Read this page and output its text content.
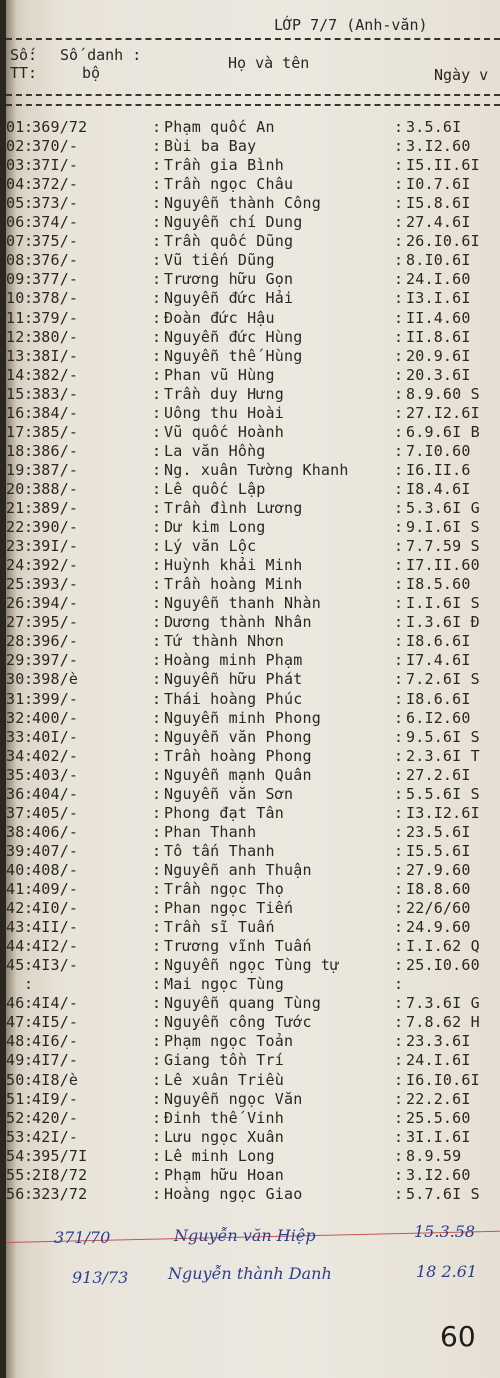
LỚP 7/7 (Anh-văn)
Số:
TT:
Số danh :
bộ
Họ và tên
Ngày v
01 369/72	Phạm quốc An	3.5.6I
:	:	:
02 370/-	Bùi ba Bay	3.I2.60
:	:	:
03 37I/-	Trần gia Bình	I5.II.6I
:	:	:
04 372/-	Trần ngọc Châu	I0.7.6I
:	:	:
05 373/-	Nguyễn thành Công	I5.8.6I
:	:	:
06 374/-	Nguyễn chí Dung	27.4.6I
:	:	:
07 375/-	Trần quốc Dũng	26.I0.6I
:	:	:
08 376/-	Vũ tiến Dũng	8.I0.6I
:	:	:
09 377/-	Trương hữu Gọn	24.I.60
:	:	:
10 378/-	Nguyễn đức Hải	I3.I.6I
:	:	:
11 379/-	Đoàn đức Hậu	II.4.60
:	:	:
12 380/-	Nguyễn đức Hùng	II.8.6I
:	:	:
13 38I/-	Nguyễn thế Hùng	20.9.6I
:	:	:
14 382/-	Phan vũ Hùng	20.3.6I
:	:	:
15 383/-	Trần duy Hưng	8.9.60 S
:	:	:
16 384/-	Uông thu Hoài	27.I2.6I
:	:	:
17 385/-	Vũ quốc Hoành	6.9.6I B
:	:	:
18 386/-	La văn Hồng	7.I0.60
:	:	:
19 387/-	Ng. xuân Tường Khanh	I6.II.6
:	:	:
20 388/-	Lê quốc Lập	I8.4.6I
:	:	:
21 389/-	Trần đình Lương	5.3.6I G
:	:	:
22 390/-	Dư kim Long	9.I.6I S
:	:	:
23 39I/-	Lý văn Lộc	7.7.59 S
:	:	:
24 392/-	Huỳnh khải Minh	I7.II.60
:	:	:
25 393/-	Trần hoàng Minh	I8.5.60
:	:	:
26 394/-	Nguyễn thanh Nhàn	I.I.6I S
:	:	:
27 395/-	Dương thành Nhân	I.3.6I Đ
:	:	:
28 396/-	Tứ thành Nhơn	I8.6.6I
:	:	:
29 397/-	Hoàng minh Phạm	I7.4.6I
:	:	:
30 398/è	Nguyễn hữu Phát	7.2.6I S
:	:	:
31 399/-	Thái hoàng Phúc	I8.6.6I
:	:	:
32 400/-	Nguyễn minh Phong	6.I2.60
:	:	:
33 40I/-	Nguyễn văn Phong	9.5.6I S
:	:	:
34 402/-	Trần hoàng Phong	2.3.6I T
:	:	:
35 403/-	Nguyễn mạnh Quân	27.2.6I
:	:	:
36 404/-	Nguyễn văn Sơn	5.5.6I S
:	:	:
37 405/-	Phong đạt Tân	I3.I2.6I
:	:	:
38 406/-	Phan Thanh	23.5.6I
:	:	:
39 407/-	Tô tấn Thanh	I5.5.6I
:	:	:
40 408/-	Nguyễn anh Thuận	27.9.60
:	:	:
41 409/-	Trần ngọc Thọ	I8.8.60
:	:	:
42 4I0/-	Phan ngọc Tiến	22/6/60
:	:	:
43 4II/-	Trần sĩ Tuấn	24.9.60
:	:	:
44 4I2/-	Trương vĩnh Tuấn	I.I.62 Q
:	:	:
45 4I3/-	Nguyễn ngọc Tùng tự	25.I0.60
:	:	:
Mai ngọc Tùng
:	:	:
46 4I4/-	Nguyễn quang Tùng	7.3.6I G
:	:	:
47 4I5/-	Nguyễn công Tước	7.8.62 H
:	:	:
48 4I6/-	Phạm ngọc Toản	23.3.6I
:	:	:
49 4I7/-	Giang tồn Trí	24.I.6I
:	:	:
50 4I8/è	Lê xuân Triều	I6.I0.6I
:	:	:
51 4I9/-	Nguyễn ngọc Văn	22.2.6I
:	:	:
52 420/-	Đinh thế Vinh	25.5.60
:	:	:
53 42I/-	Lưu ngọc Xuân	3I.I.6I
:	:	:
54 395/7I	Lê minh Long	8.9.59
:	:	:
55 2I8/72	Phạm hữu Hoan	3.I2.60
:	:	:
56 323/72	Hoàng ngọc Giao	5.7.6I S
:	:	:
371/70	Nguyễn văn Hiệp	15.3.58
913/73 Nguyễn thành Danh	18 2.61
60
